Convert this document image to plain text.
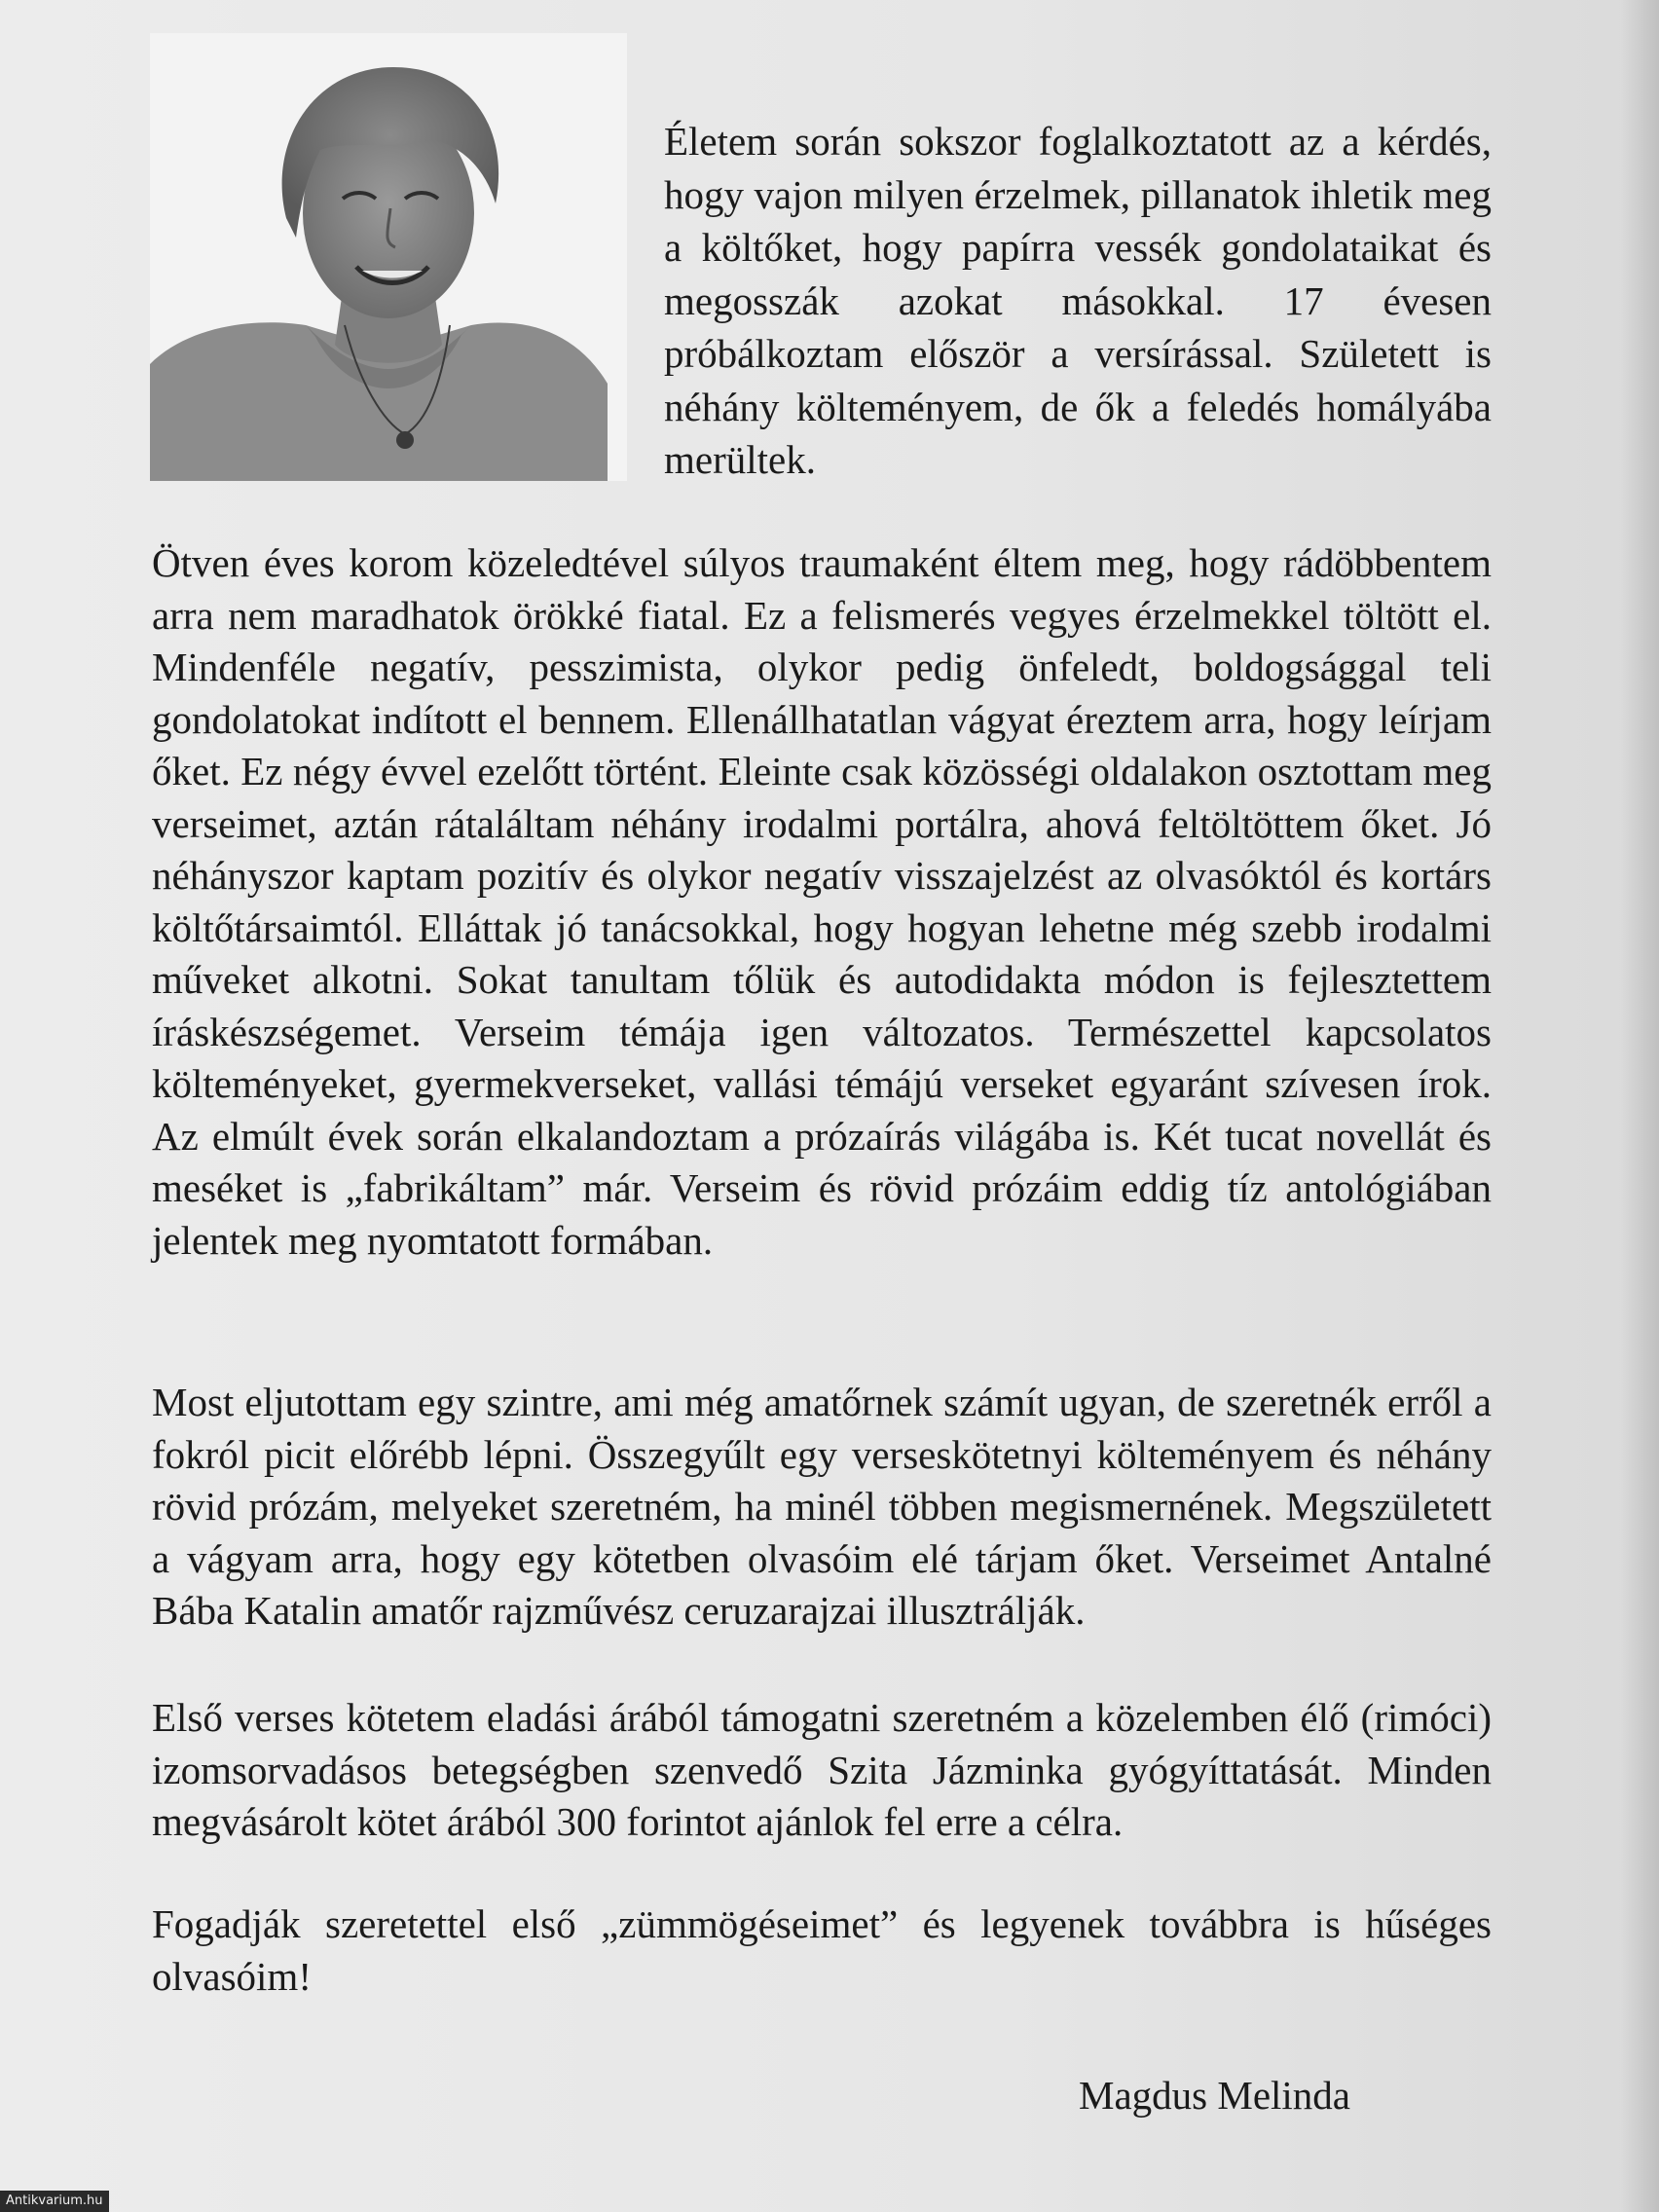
Életem során sokszor foglalkoztatott az a kérdés, hogy vajon milyen érzelmek, pillanatok ihletik meg a költőket, hogy papírra vessék gondolataikat és megosszák azokat másokkal. 17 évesen próbálkoztam először a versírással. Született is néhány költeményem, de ők a feledés homályába merültek.

Ötven éves korom közeledtével súlyos traumaként éltem meg, hogy rádöbbentem arra nem maradhatok örökké fiatal. Ez a felismerés vegyes érzelmekkel töltött el. Mindenféle negatív, pesszimista, olykor pedig önfeledt, boldogsággal teli gondolatokat indított el bennem. Ellenállhatatlan vágyat éreztem arra, hogy leírjam őket. Ez négy évvel ezelőtt történt. Eleinte csak közösségi oldalakon osztottam meg verseimet, aztán rátaláltam néhány irodalmi portálra, ahová feltöltöttem őket. Jó néhányszor kaptam pozitív és olykor negatív visszajelzést az olvasóktól és kortárs költőtársaimtól. Elláttak jó tanácsokkal, hogy hogyan lehetne még szebb irodalmi műveket alkotni. Sokat tanultam tőlük és autodidakta módon is fejlesztettem íráskészségemet. Verseim témája igen változatos. Természettel kapcsolatos költeményeket, gyermekverseket, vallási témájú verseket egyaránt szívesen írok. Az elmúlt évek során elkalandoztam a prózaírás világába is. Két tucat novellát és meséket is „fabrikáltam” már. Verseim és rövid prózáim eddig tíz antológiában jelentek meg nyomtatott formában.

Most eljutottam egy szintre, ami még amatőrnek számít ugyan, de szeretnék erről a fokról picit előrébb lépni. Összegyűlt egy verseskötetnyi költeményem és néhány rövid prózám, melyeket szeretném, ha minél többen megismernének. Megszületett a vágyam arra, hogy egy kötetben olvasóim elé tárjam őket. Verseimet Antalné Bába Katalin amatőr rajzművész ceruzarajzai illusztrálják.

Első verses kötetem eladási árából támogatni szeretném a közelemben élő (rimóci) izomsorvadásos betegségben szenvedő Szita Jázminka gyógyíttatását. Minden megvásárolt kötet árából 300 forintot ajánlok fel erre a célra.

Fogadják szeretettel első „zümmögéseimet” és legyenek továbbra is hűséges olvasóim!

Magdus Melinda

Antikvarium.hu
